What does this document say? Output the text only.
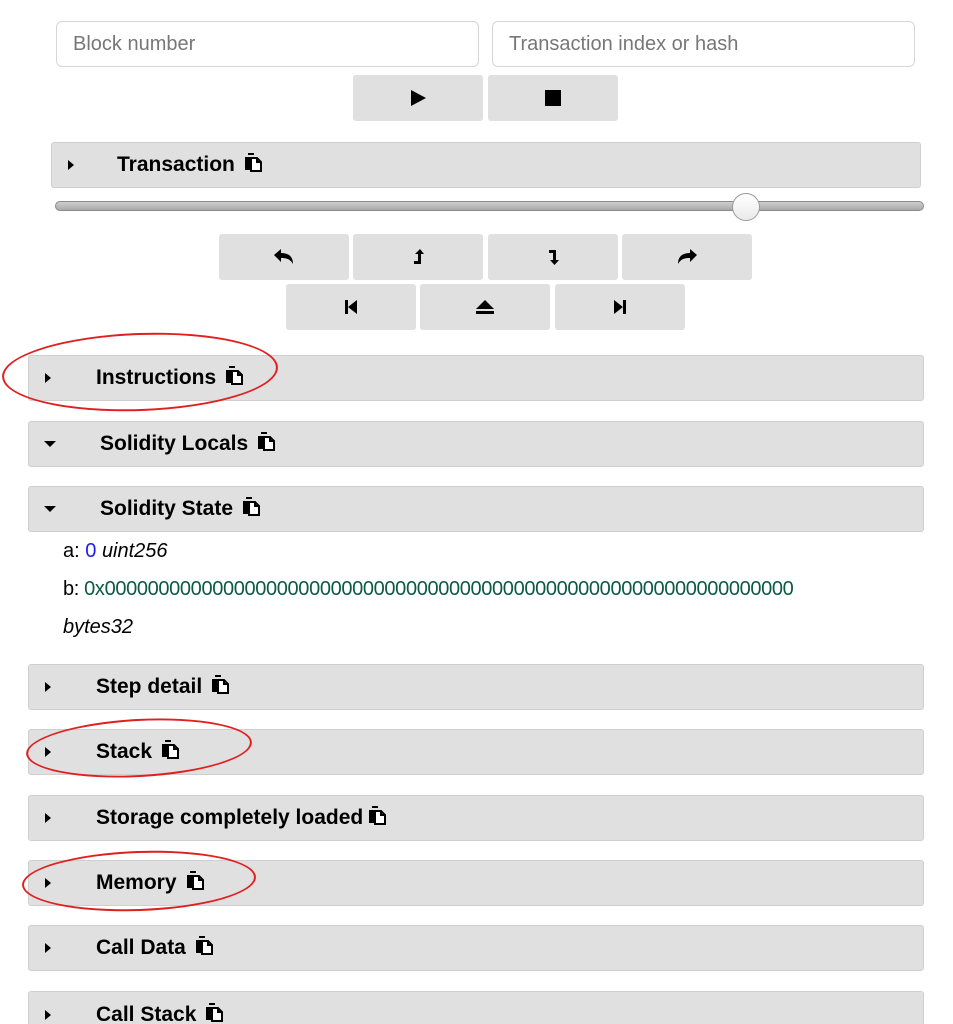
Block number
Transaction index or hash
Transaction
Instructions
Solidity Locals
Solidity State
a: 0 uint256
b: 0x0000000000000000000000000000000000000000000000000000000000000000
bytes32
Step detail
Stack
Storage completely loaded
Memory
Call Data
Call Stack
